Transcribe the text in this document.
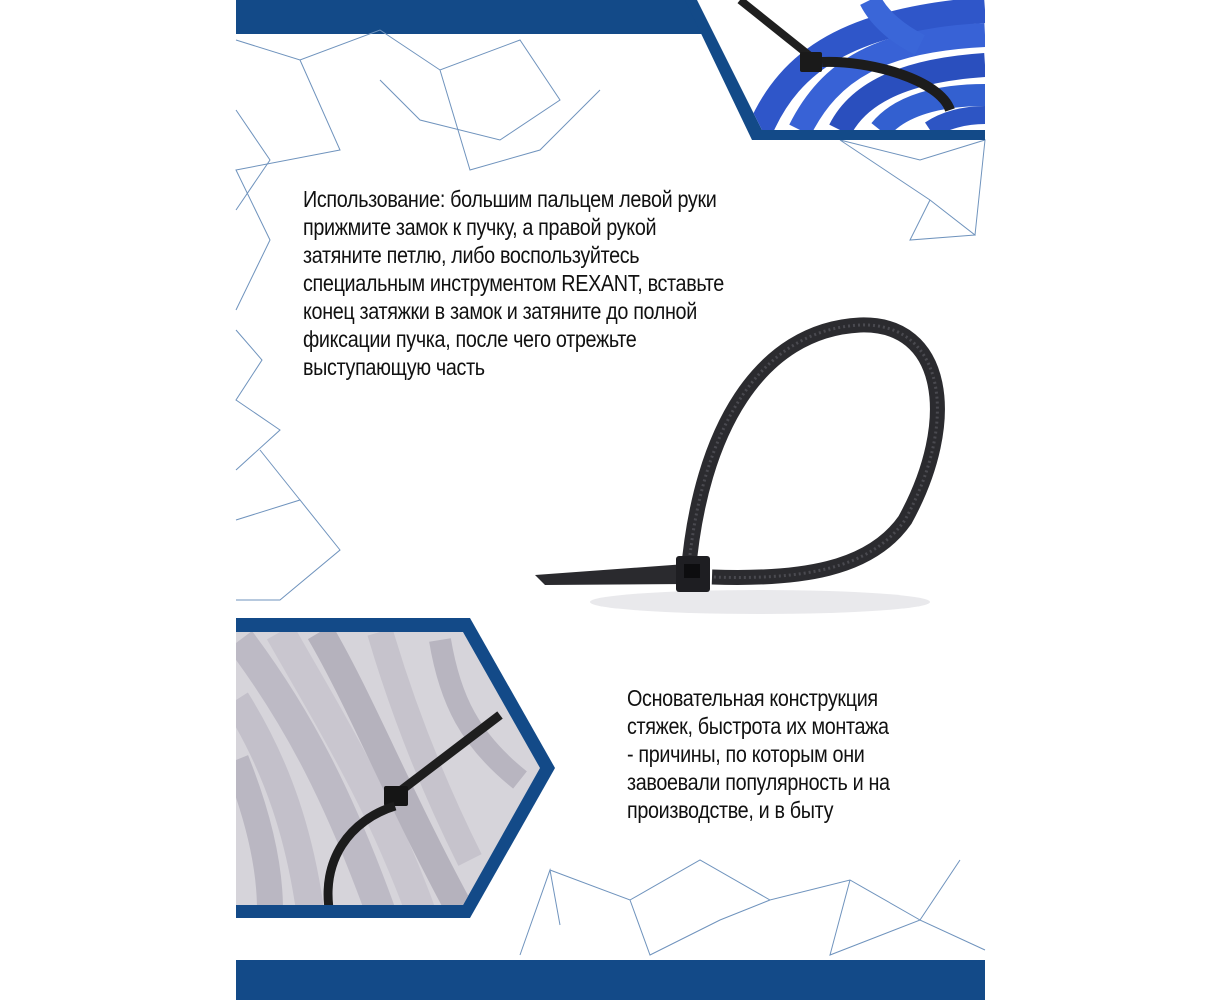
Использование: большим пальцем левой руки
прижмите замок к пучку, а правой рукой
затяните петлю, либо воспользуйтесь
специальным инструментом REXANT, вставьте
конец затяжки в замок и затяните до полной
фиксации пучка, после чего отрежьте
выступающую часть
Основательная конструкция
стяжек, быстрота их монтажа
- причины, по которым они
завоевали популярность и на
производстве, и в быту
